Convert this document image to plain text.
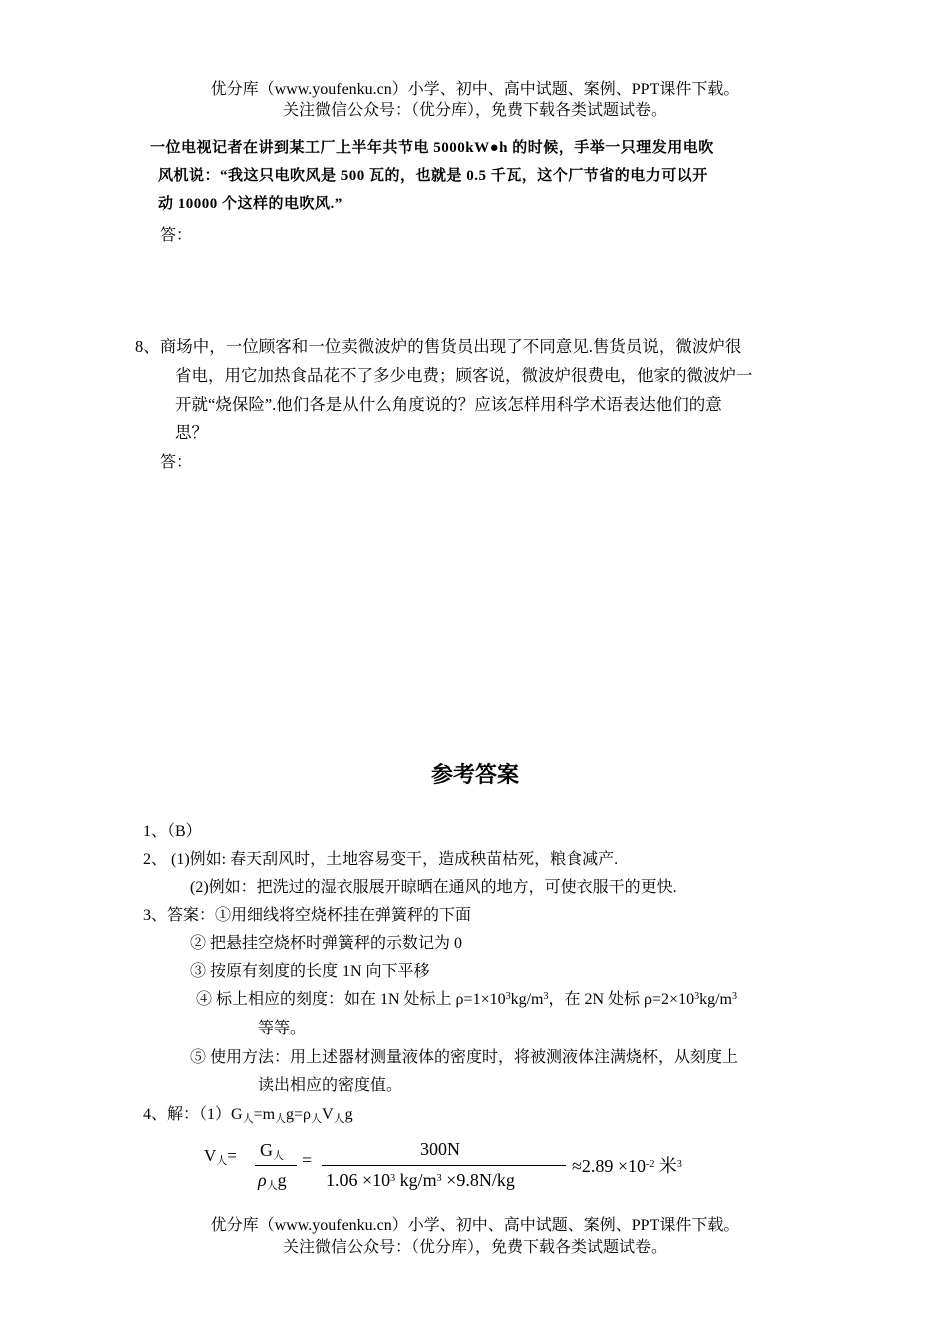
优分库（www.youfenku.cn）小学、初中、高中试题、案例、PPT课件下载。
关注微信公众号：（优分库），免费下载各类试题试卷。
一位电视记者在讲到某工厂上半年共节电 5000kW●h 的时候，手举一只理发用电吹
风机说：“我这只电吹风是 500 瓦的，也就是 0.5 千瓦，这个厂节省的电力可以开
动 10000 个这样的电吹风.”
答：
8、商场中，一位顾客和一位卖微波炉的售货员出现了不同意见.售货员说，微波炉很
省电，用它加热食品花不了多少电费；顾客说，微波炉很费电，他家的微波炉一
开就“烧保险”.他们各是从什么角度说的？应该怎样用科学术语表达他们的意
思？
答：
参考答案
1、（B）
2、 (1)例如: 春天刮风时，土地容易变干，造成秧苗枯死，粮食减产.
(2)例如：把洗过的湿衣服展开晾晒在通风的地方，可使衣服干的更快.
3、答案：①用细线将空烧杯挂在弹簧秤的下面
② 把悬挂空烧杯时弹簧秤的示数记为 0
③ 按原有刻度的长度 1N 向下平移
④ 标上相应的刻度：如在 1N 处标上 $\rho=1\times 10^3kg/m^3$，在 2N 处标 $\rho=2\times 10^3kg/m^3$
等等。
⑤ 使用方法：用上述器材测量液体的密度时，将被测液体注满烧杯，从刻度上
读出相应的密度值。
4、解：$(1)G_人=m_人g=\rho_人V_人g$
$V_人= G_人$
$\rho_人g$
=
300N
$1.06 \times 10^3$ $kg/m^3 \times 9.8N/kg$
$\approx 2.89 \times 10^{-2}$ 米$^3$
优分库（www.youfenku.cn）小学、初中、高中试题、案例、PPT课件下载。
关注微信公众号：（优分库），免费下载各类试题试卷。
